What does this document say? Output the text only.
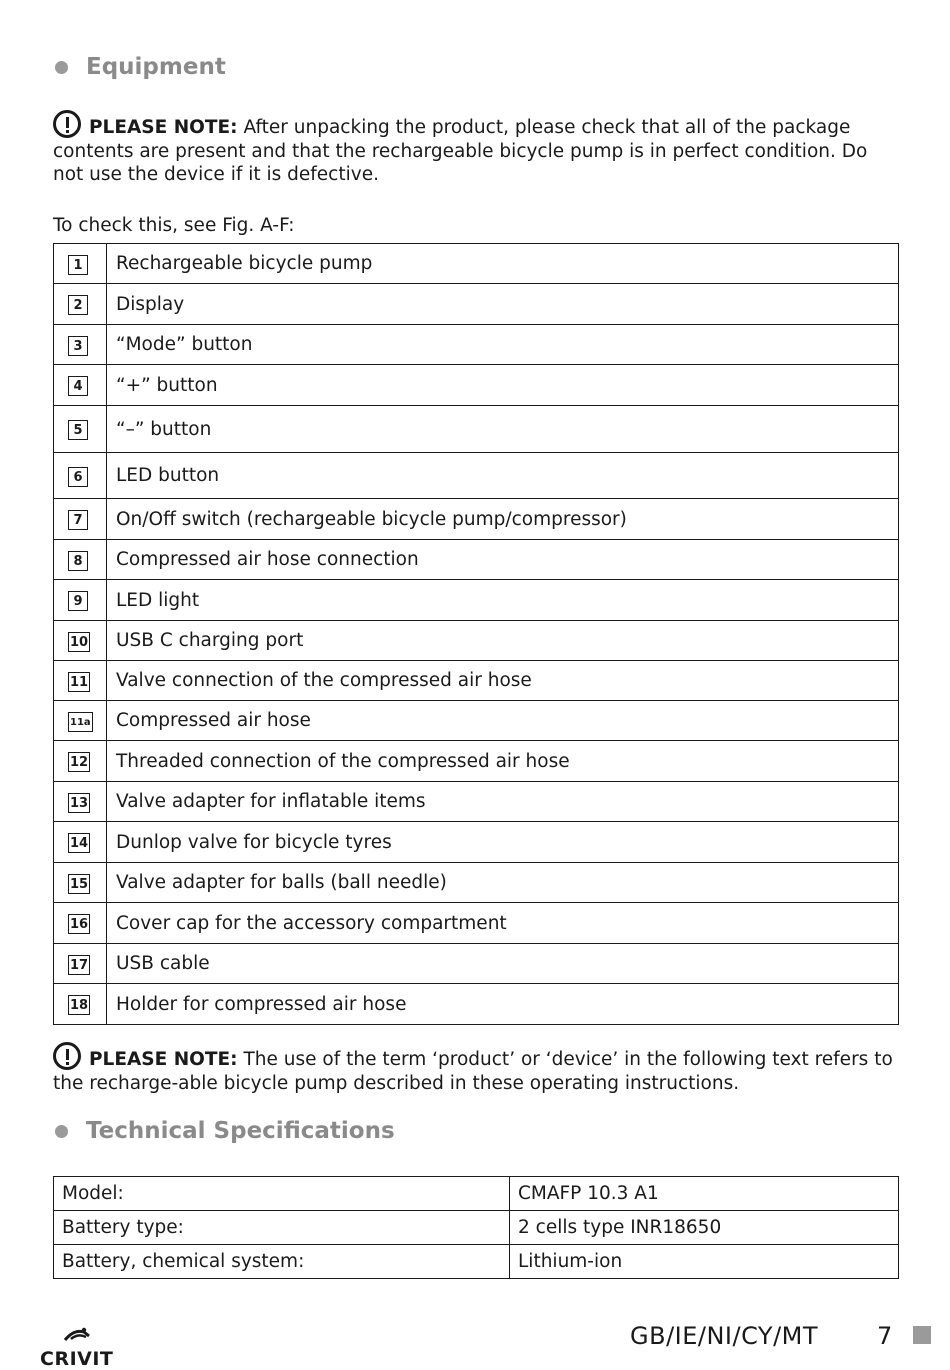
Equipment
PLEASE NOTE: After unpacking the product, please check that all of the package contents are present and that the rechargeable bicycle pump is in perfect condition. Do not use the device if it is defective.
To check this, see Fig. A-F:
1	Rechargeable bicycle pump
2	Display
3	“Mode” button
4	“+” button
5	“–” button
6	LED button
7	On/Off switch (rechargeable bicycle pump/compressor)
8	Compressed air hose connection
9	LED light
10	USB C charging port
11	Valve connection of the compressed air hose
11a	Compressed air hose
12	Threaded connection of the compressed air hose
13	Valve adapter for inflatable items
14	Dunlop valve for bicycle tyres
15	Valve adapter for balls (ball needle)
16	Cover cap for the accessory compartment
17	USB cable
18	Holder for compressed air hose
PLEASE NOTE: The use of the term ‘product’ or ‘device’ in the following text refers to the recharge-able bicycle pump described in these operating instructions.
Technical Specifications
Model:	CMAFP 10.3 A1
Battery type:	2 cells type INR18650
Battery, chemical system:	Lithium-ion
CRIVIT
GB/IE/NI/CY/MT 7
